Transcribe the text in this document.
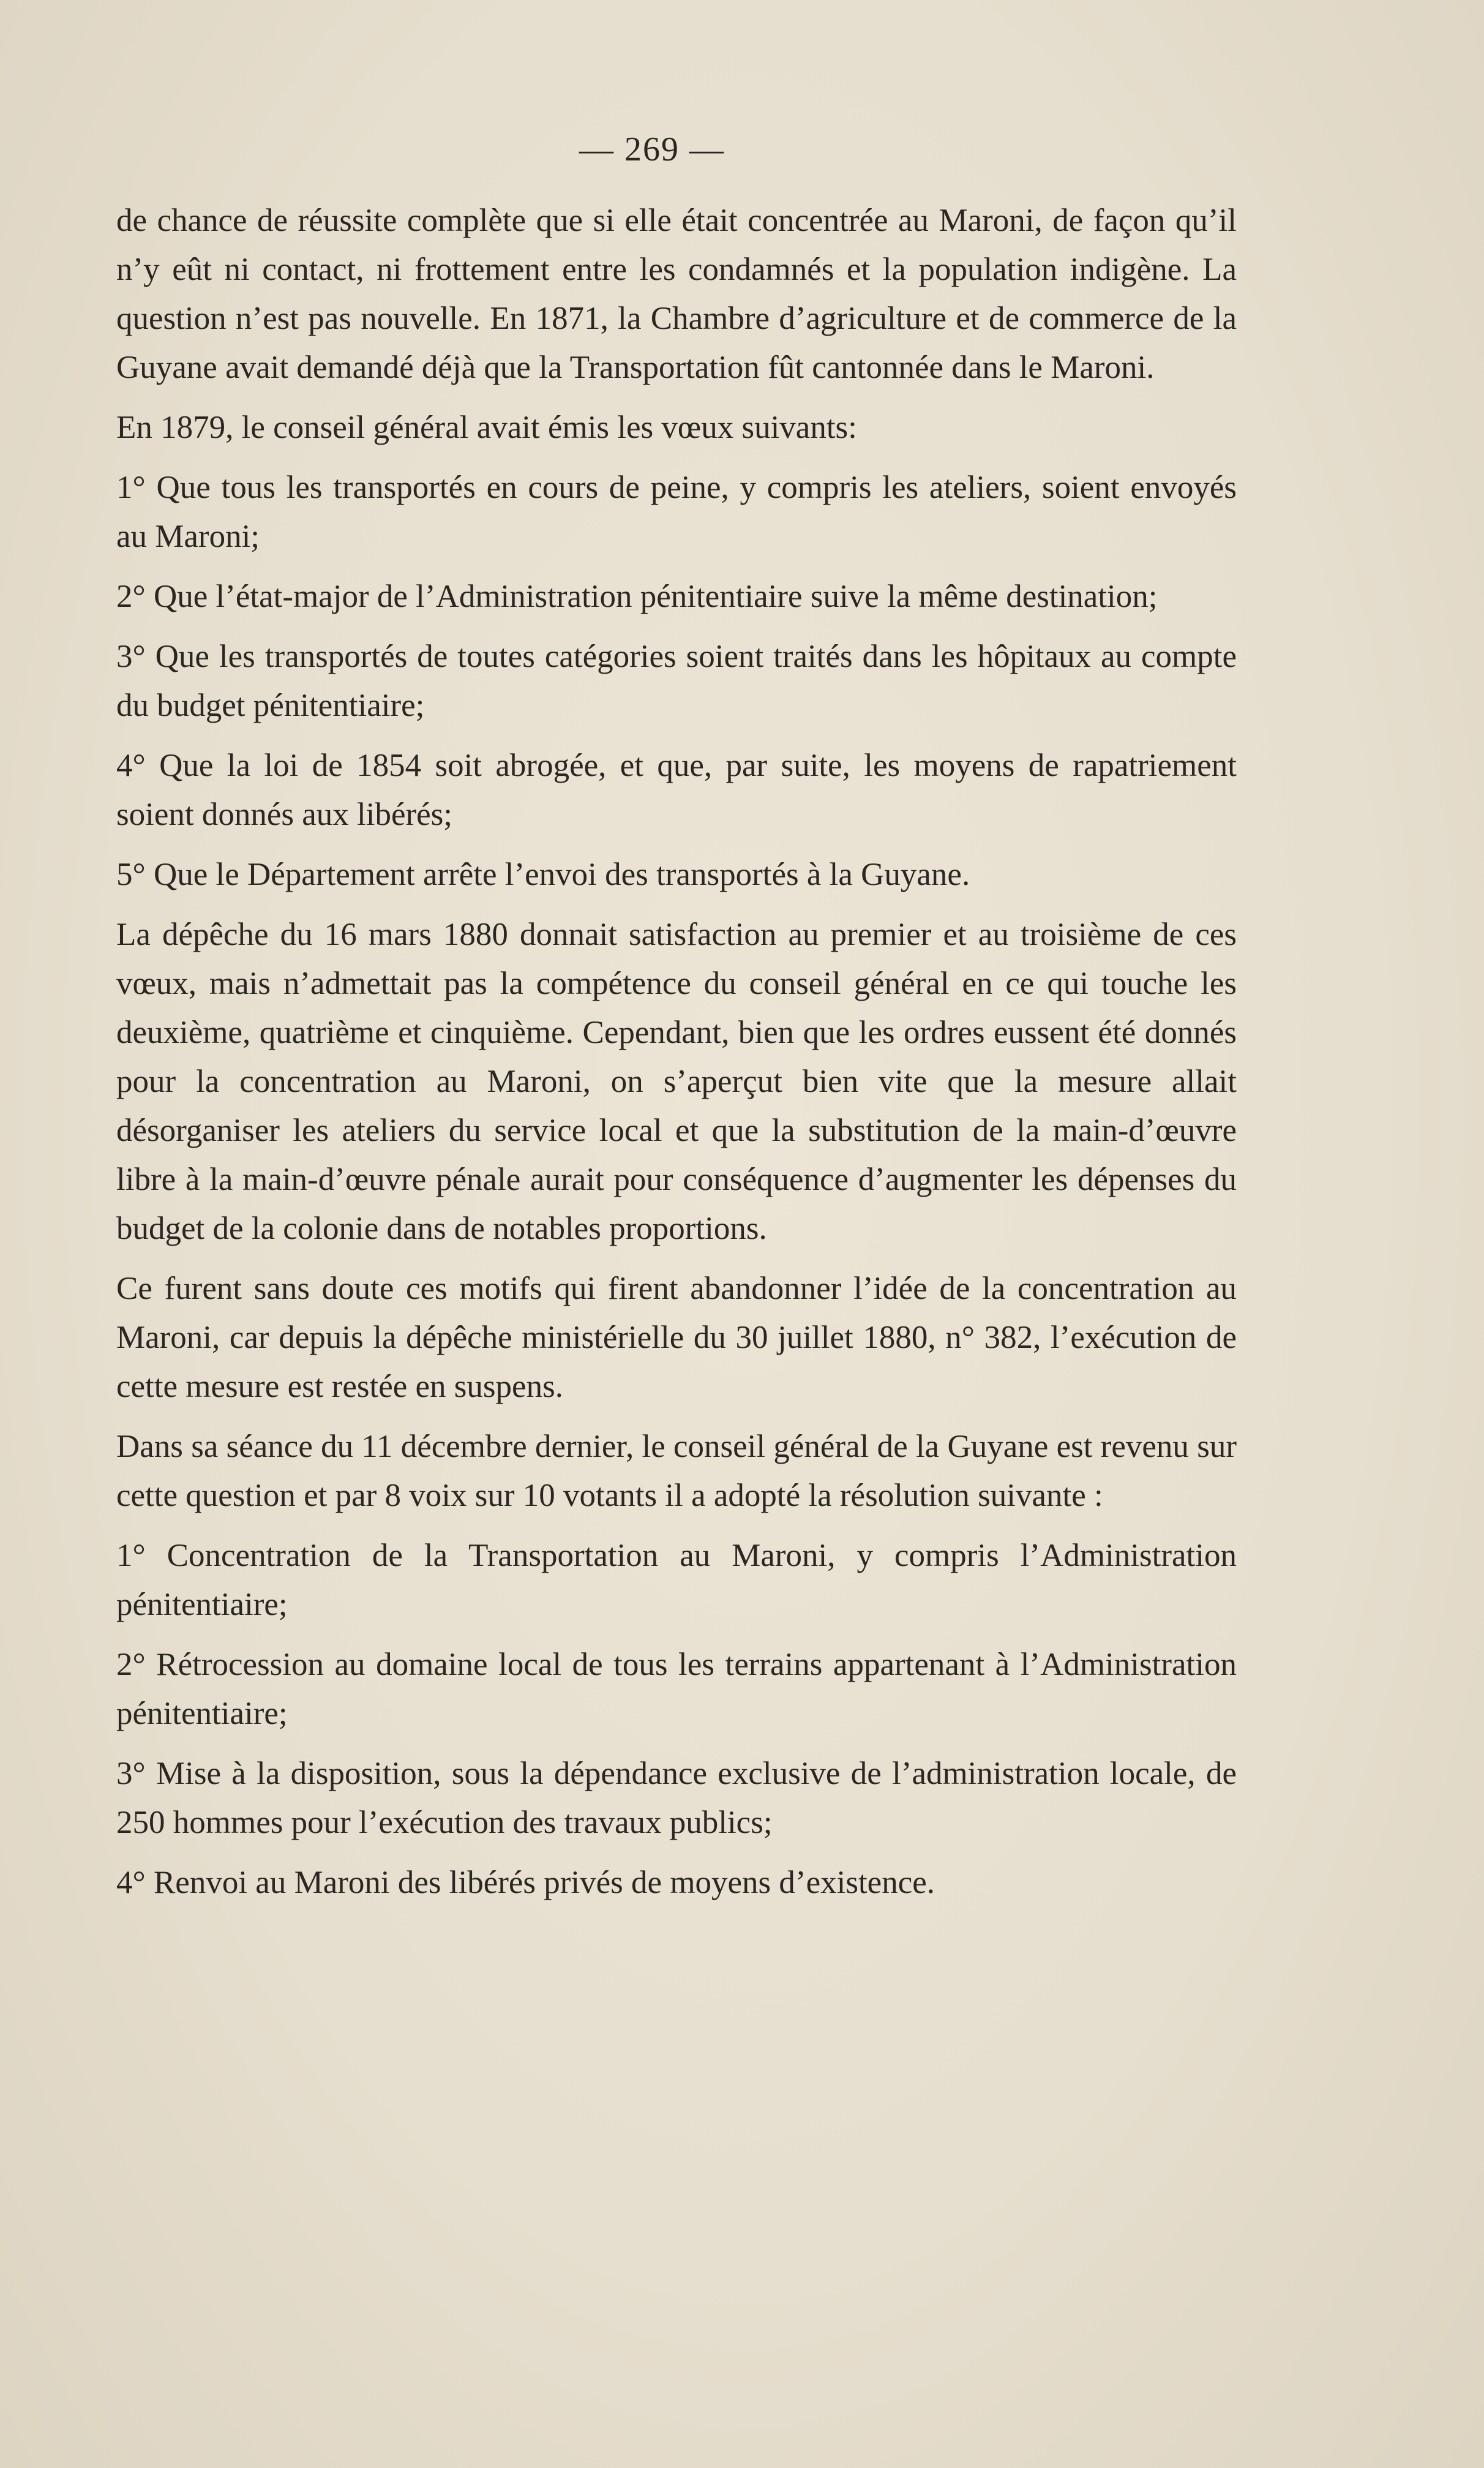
— 269 —

de chance de réussite complète que si elle était concentrée au Maroni, de façon qu’il n’y eût ni contact, ni frottement entre les condamnés et la population indigène. La question n’est pas nouvelle. En 1871, la Chambre d’agriculture et de commerce de la Guyane avait demandé déjà que la Transportation fût cantonnée dans le Maroni.

En 1879, le conseil général avait émis les vœux suivants:

1° Que tous les transportés en cours de peine, y compris les ateliers, soient envoyés au Maroni;

2° Que l’état-major de l’Administration pénitentiaire suive la même destination;

3° Que les transportés de toutes catégories soient traités dans les hôpitaux au compte du budget pénitentiaire;

4° Que la loi de 1854 soit abrogée, et que, par suite, les moyens de rapatriement soient donnés aux libérés;

5° Que le Département arrête l’envoi des transportés à la Guyane.

La dépêche du 16 mars 1880 donnait satisfaction au premier et au troisième de ces vœux, mais n’admettait pas la compétence du conseil général en ce qui touche les deuxième, quatrième et cinquième. Cependant, bien que les ordres eussent été donnés pour la concentration au Maroni, on s’aperçut bien vite que la mesure allait désorganiser les ateliers du service local et que la substitution de la main-d’œuvre libre à la main-d’œuvre pénale aurait pour conséquence d’augmenter les dépenses du budget de la colonie dans de notables proportions.

Ce furent sans doute ces motifs qui firent abandonner l’idée de la concentration au Maroni, car depuis la dépêche ministérielle du 30 juillet 1880, n° 382, l’exécution de cette mesure est restée en suspens.

Dans sa séance du 11 décembre dernier, le conseil général de la Guyane est revenu sur cette question et par 8 voix sur 10 votants il a adopté la résolution suivante :

1° Concentration de la Transportation au Maroni, y compris l’Administration pénitentiaire;

2° Rétrocession au domaine local de tous les terrains appartenant à l’Administration pénitentiaire;

3° Mise à la disposition, sous la dépendance exclusive de l’administration locale, de 250 hommes pour l’exécution des travaux publics;

4° Renvoi au Maroni des libérés privés de moyens d’existence.
